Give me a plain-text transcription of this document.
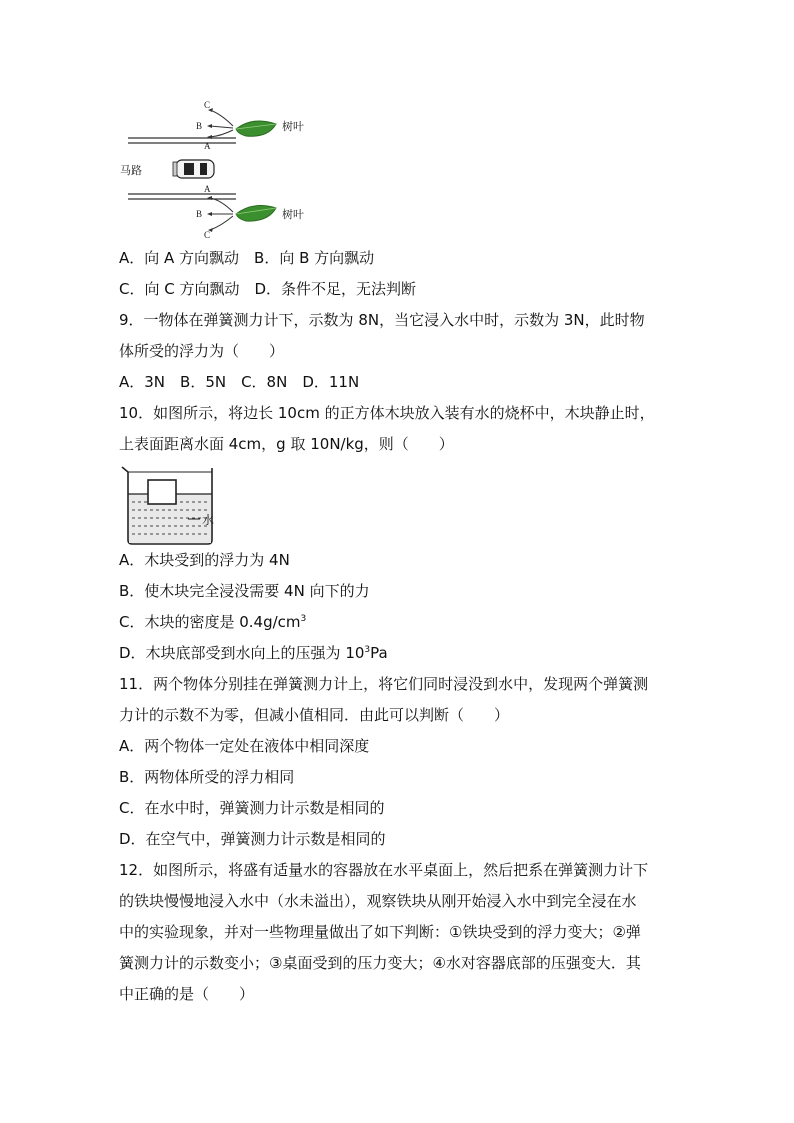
C
B
A
马路
A
B
C
树叶
树叶
A．向 A 方向飘动　B．向 B 方向飘动
C．向 C 方向飘动　D．条件不足，无法判断
9．一物体在弹簧测力计下，示数为 8N，当它浸入水中时，示数为 3N，此时物
体所受的浮力为（　　）
A．3N　B．5N　C．8N　D．11N
10．如图所示，将边长 10cm 的正方体木块放入装有水的烧杯中，木块静止时，
上表面距离水面 4cm，g 取 10N/kg，则（　　）
水
A．木块受到的浮力为 4N
B．使木块完全浸没需要 4N 向下的力
C．木块的密度是 $0.4g/cm^3$
D．木块底部受到水向上的压强为 $10^3Pa$
11．两个物体分别挂在弹簧测力计上，将它们同时浸没到水中，发现两个弹簧测
力计的示数不为零，但减小值相同．由此可以判断（　　）
A．两个物体一定处在液体中相同深度
B．两物体所受的浮力相同
C．在水中时，弹簧测力计示数是相同的
D．在空气中，弹簧测力计示数是相同的
12．如图所示，将盛有适量水的容器放在水平桌面上，然后把系在弹簧测力计下
的铁块慢慢地浸入水中（水未溢出），观察铁块从刚开始浸入水中到完全浸在水
中的实验现象，并对一些物理量做出了如下判断：①铁块受到的浮力变大；②弹
簧测力计的示数变小；③桌面受到的压力变大；④水对容器底部的压强变大．其
中正确的是（　　）
